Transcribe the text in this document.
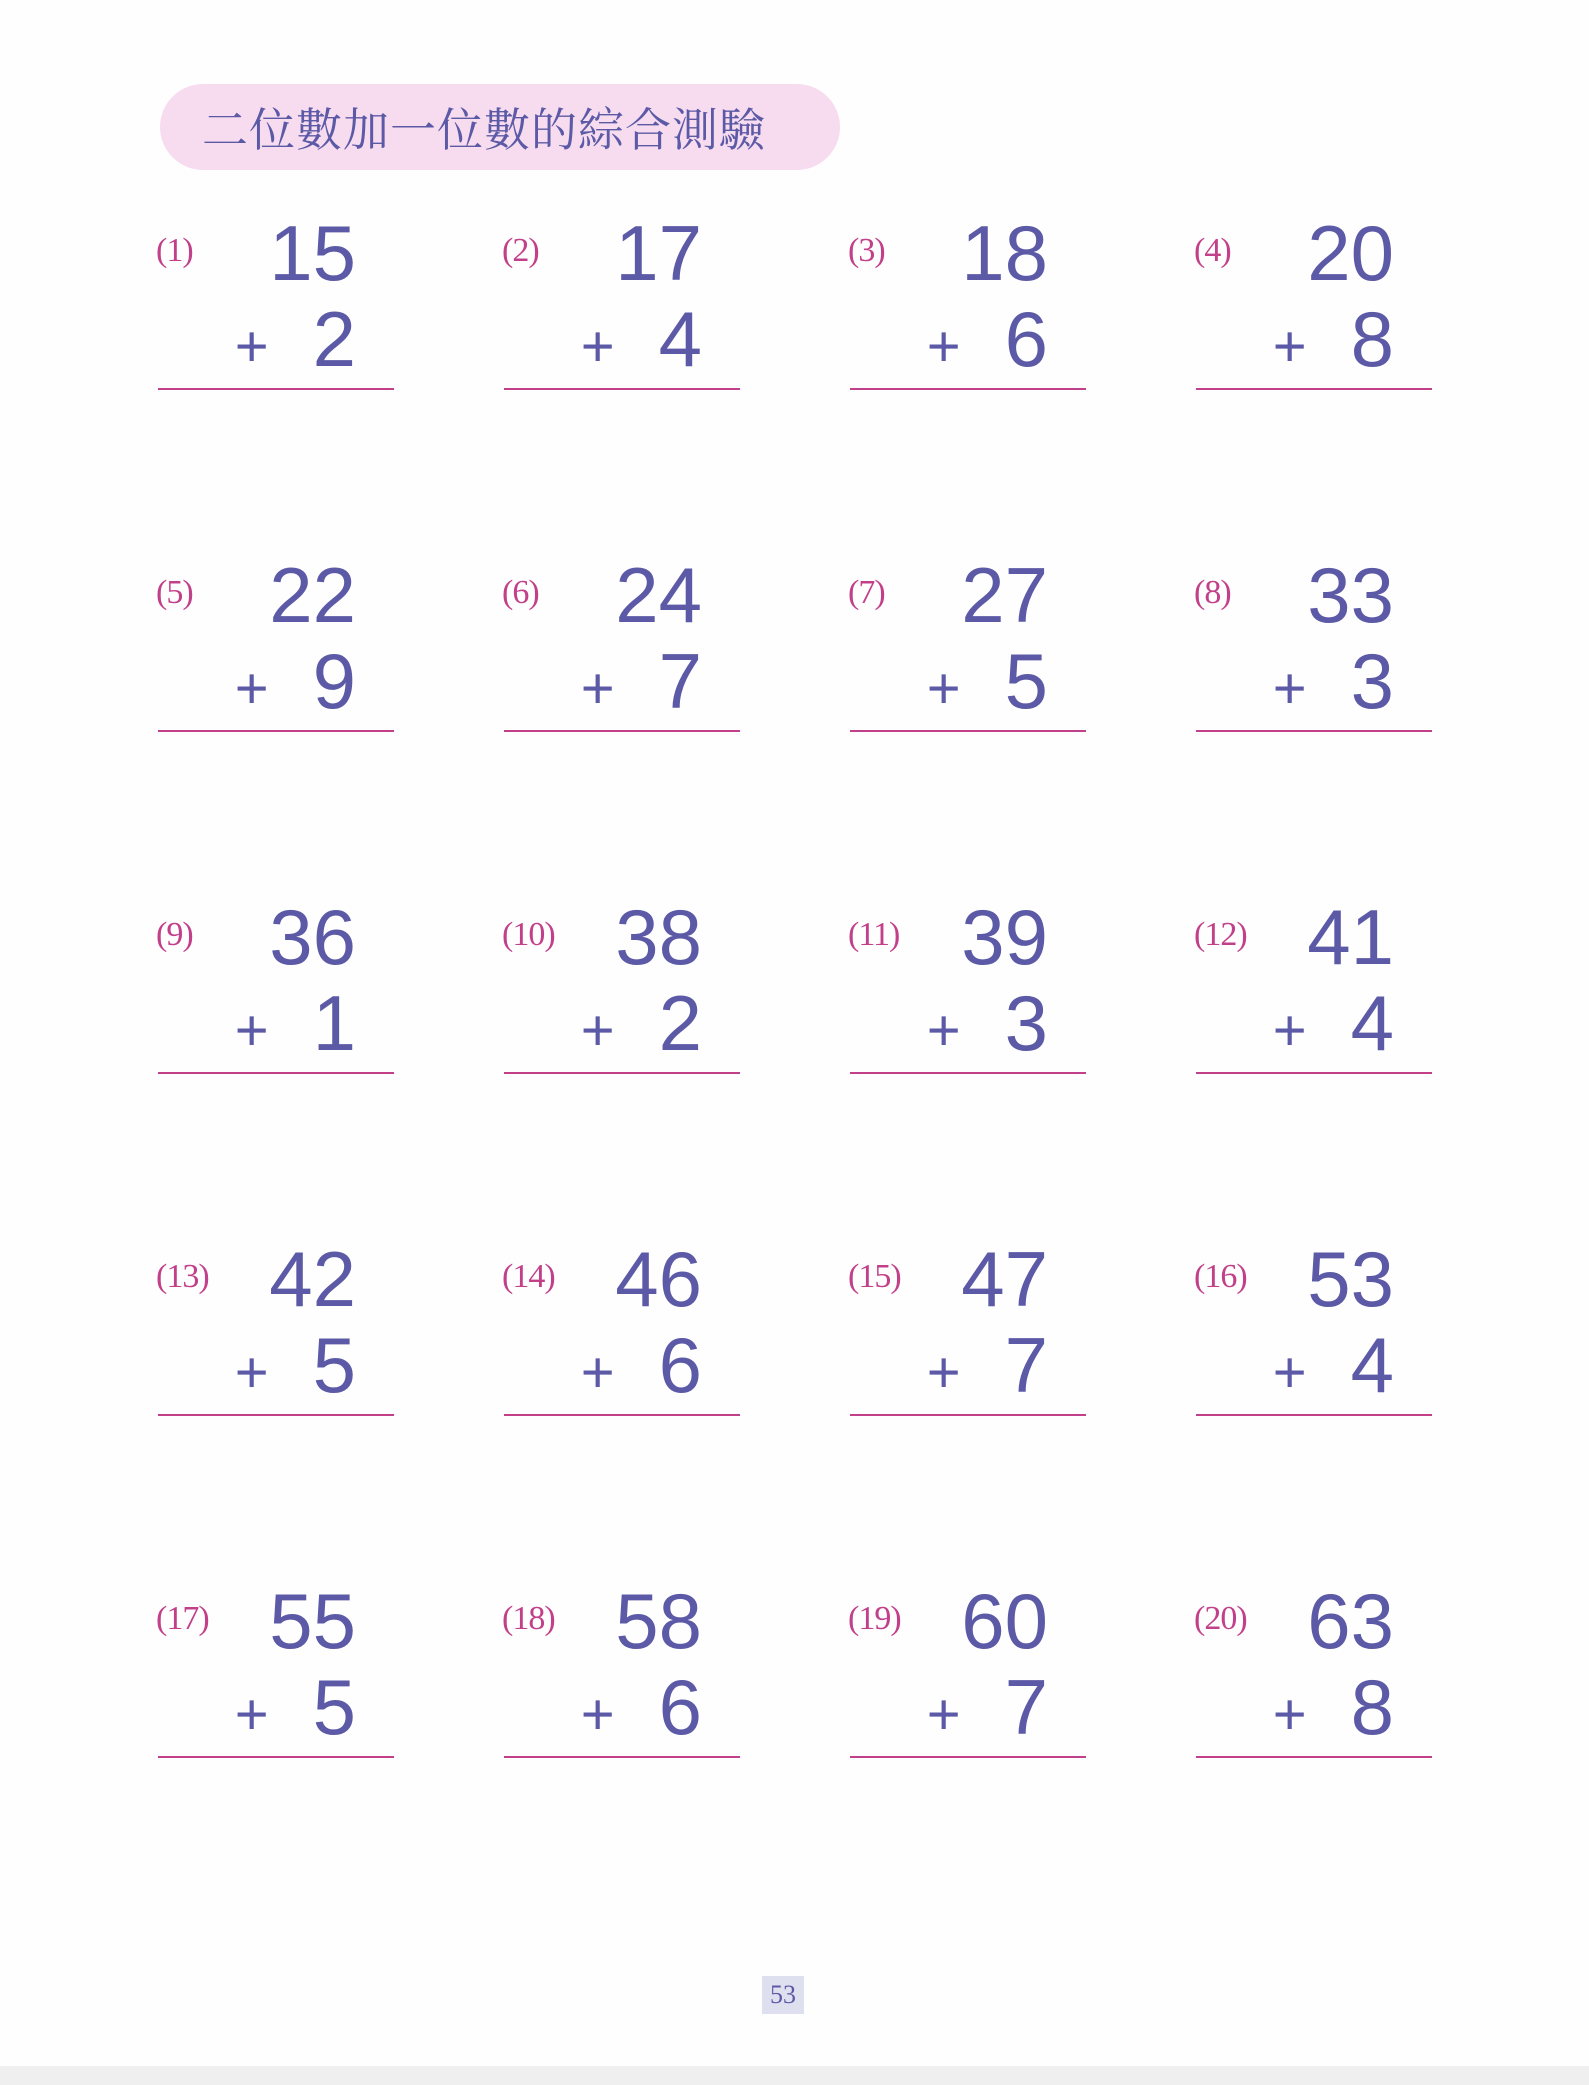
二位數加一位數的綜合測驗
(1) 15
+ 2
(2) 17
+ 4
(3) 18
+ 6
(4) 20
+ 8
(5) 22
+ 9
(6) 24
+ 7
(7) 27
+ 5
(8) 33
+ 3
(9) 36
+ 1
(10) 38
+ 2
(11) 39
+ 3
(12) 41
+ 4
(13) 42
+ 5
(14) 46
+ 6
(15) 47
+ 7
(16) 53
+ 4
(17) 55
+ 5
(18) 58
+ 6
(19) 60
+ 7
(20) 63
+ 8
53
